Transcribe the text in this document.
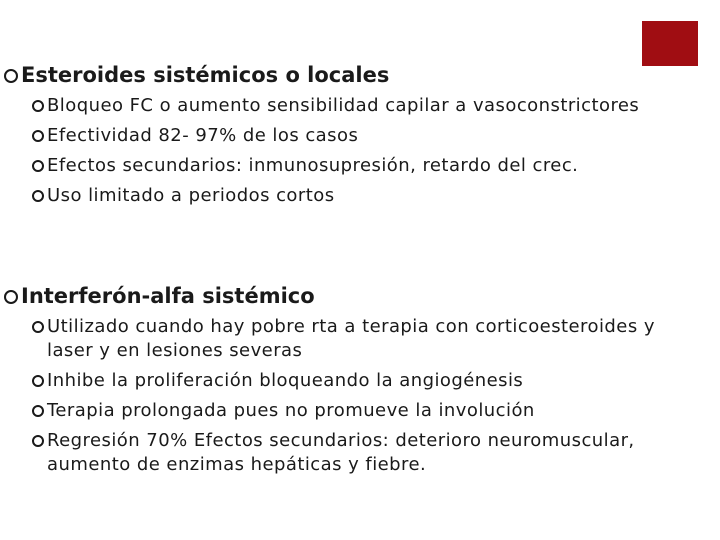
Esteroides sistémicos o locales
Bloqueo FC o aumento sensibilidad capilar a vasoconstrictores
Efectividad 82- 97% de los casos
Efectos secundarios: inmunosupresión, retardo del crec.
Uso limitado a periodos cortos
Interferón-alfa sistémico
Utilizado cuando hay pobre rta a terapia con corticoesteroides y laser y en lesiones severas
Inhibe la proliferación bloqueando la angiogénesis
Terapia prolongada pues no promueve la involución
Regresión 70% Efectos secundarios: deterioro neuromuscular, aumento de enzimas hepáticas y fiebre.
